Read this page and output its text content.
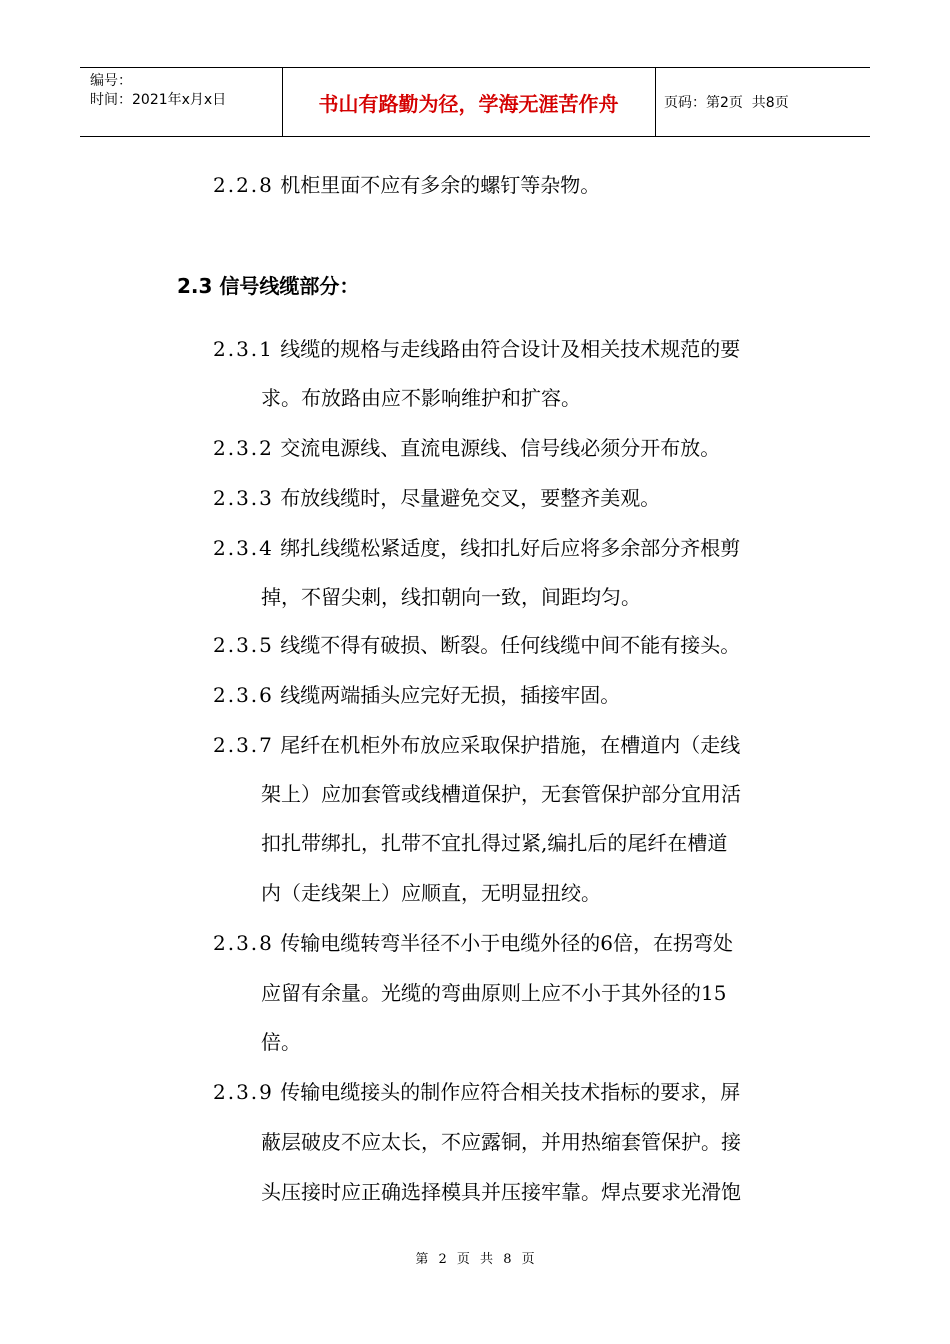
编号：
时间：2021年x月x日	书山有路勤为径，学海无涯苦作舟	页码：第2页  共8页
2.2.8 机柜里面不应有多余的螺钉等杂物。
2.3 信号线缆部分：
2.3.1 线缆的规格与走线路由符合设计及相关技术规范的要
求。布放路由应不影响维护和扩容。
2.3.2 交流电源线、直流电源线、信号线必须分开布放。
2.3.3 布放线缆时，尽量避免交叉，要整齐美观。
2.3.4 绑扎线缆松紧适度，线扣扎好后应将多余部分齐根剪
掉，不留尖刺，线扣朝向一致，间距均匀。
2.3.5 线缆不得有破损、断裂。任何线缆中间不能有接头。
2.3.6 线缆两端插头应完好无损，插接牢固。
2.3.7 尾纤在机柜外布放应采取保护措施，在槽道内（走线
架上）应加套管或线槽道保护，无套管保护部分宜用活
扣扎带绑扎，扎带不宜扎得过紧,编扎后的尾纤在槽道
内（走线架上）应顺直，无明显扭绞。
2.3.8 传输电缆转弯半径不小于电缆外径的6倍，在拐弯处
应留有余量。光缆的弯曲原则上应不小于其外径的15
倍。
2.3.9 传输电缆接头的制作应符合相关技术指标的要求，屏
蔽层破皮不应太长，不应露铜，并用热缩套管保护。接
头压接时应正确选择模具并压接牢靠。焊点要求光滑饱
第 2 页 共 8 页
